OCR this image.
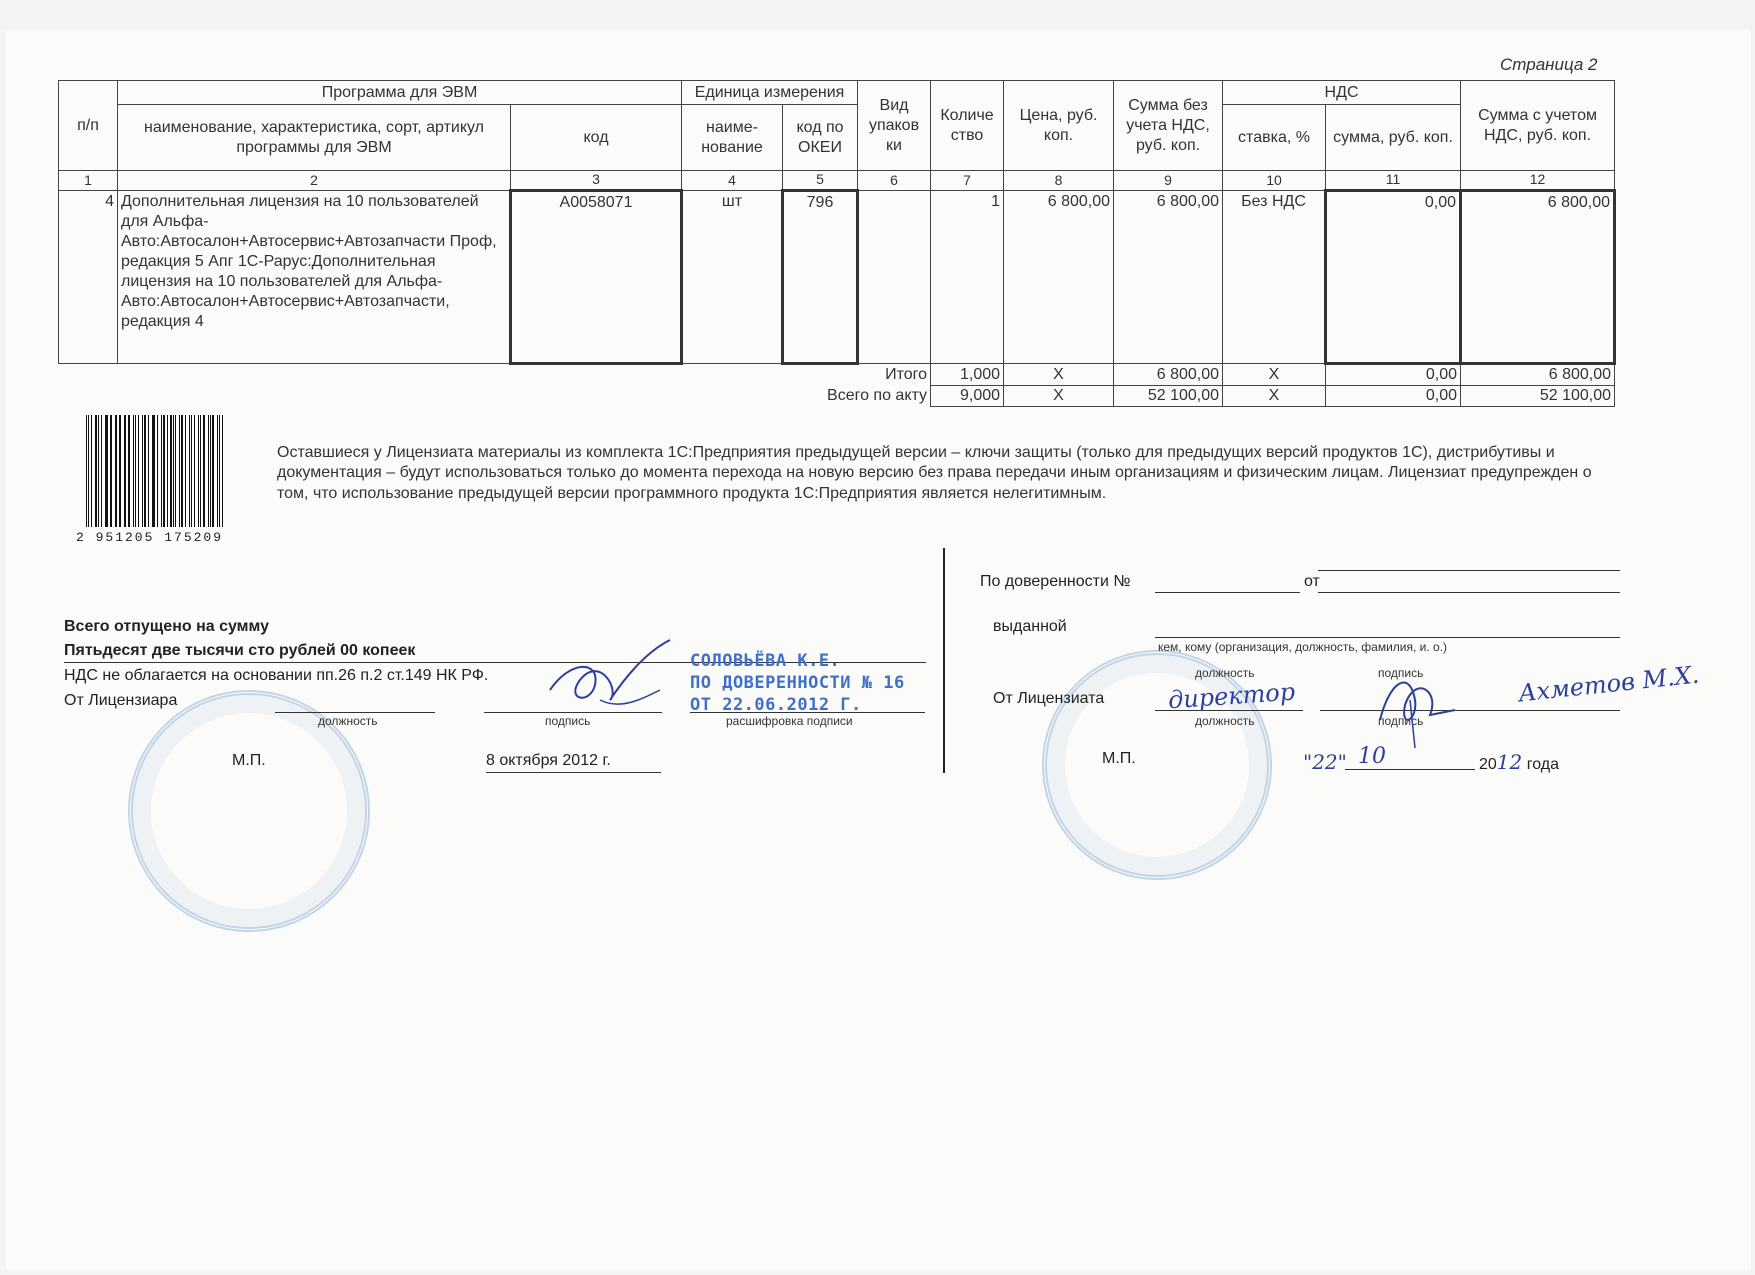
Страница 2
п/п	Программа для ЭВМ		Единица измерения		Вид упаков ки	Количе ство	Цена, руб. коп.	Сумма без учета НДС, руб. коп.	НДС		Сумма с учетом НДС, руб. коп.
	наименование, характеристика, сорт, артикул программы для ЭВМ	код	наиме-нование	код по ОКЕИ					ставка, %	сумма, руб. коп.	
1	2	3	4	5	6	7	8	9	10	11	12
4	Дополнительная лицензия на 10 пользователей для Альфа-Авто:Автосалон+Автосервис+Автозапчасти Проф, редакция 5 Апг 1С-Рарус:Дополнительная лицензия на 10 пользователей для Альфа-Авто:Автосалон+Автосервис+Автозапчасти, редакция 4	А0058071	шт	796		1	6 800,00	6 800,00	Без НДС	0,00	6 800,00
					Итого	1,000	X	6 800,00	X	0,00	6 800,00
				Всего по акту		9,000	X	52 100,00	X	0,00	52 100,00
2 951205 175209
Оставшиеся у Лицензиата материалы из комплекта 1С:Предприятия предыдущей версии – ключи защиты (только для предыдущих версий продуктов 1С), дистрибутивы и документация – будут использоваться только до момента перехода на новую версию без права передачи иным организациям и физическим лицам. Лицензиат предупрежден о том, что использование предыдущей версии программного продукта 1С:Предприятия является нелегитимным.
Всего отпущено на сумму
Пятьдесят две тысячи сто рублей 00 копеек
НДС не облагается на основании пп.26 п.2 ст.149 НК РФ.
От Лицензиара
должность	подпись	расшифровка подписи
СОЛОВЬЁВА К.Е.
ПО ДОВЕРЕННОСТИ № 16
ОТ 22.06.2012 Г.
М.П.	8 октября 2012 г.
По доверенности №	от
выданной
кем, кому (организация, должность, фамилия, и. о.)
должность	подпись
От Лицензиата
должность	подпись
директор	Ахметов М.Х.
М.П.	"22" 10	2012 года
